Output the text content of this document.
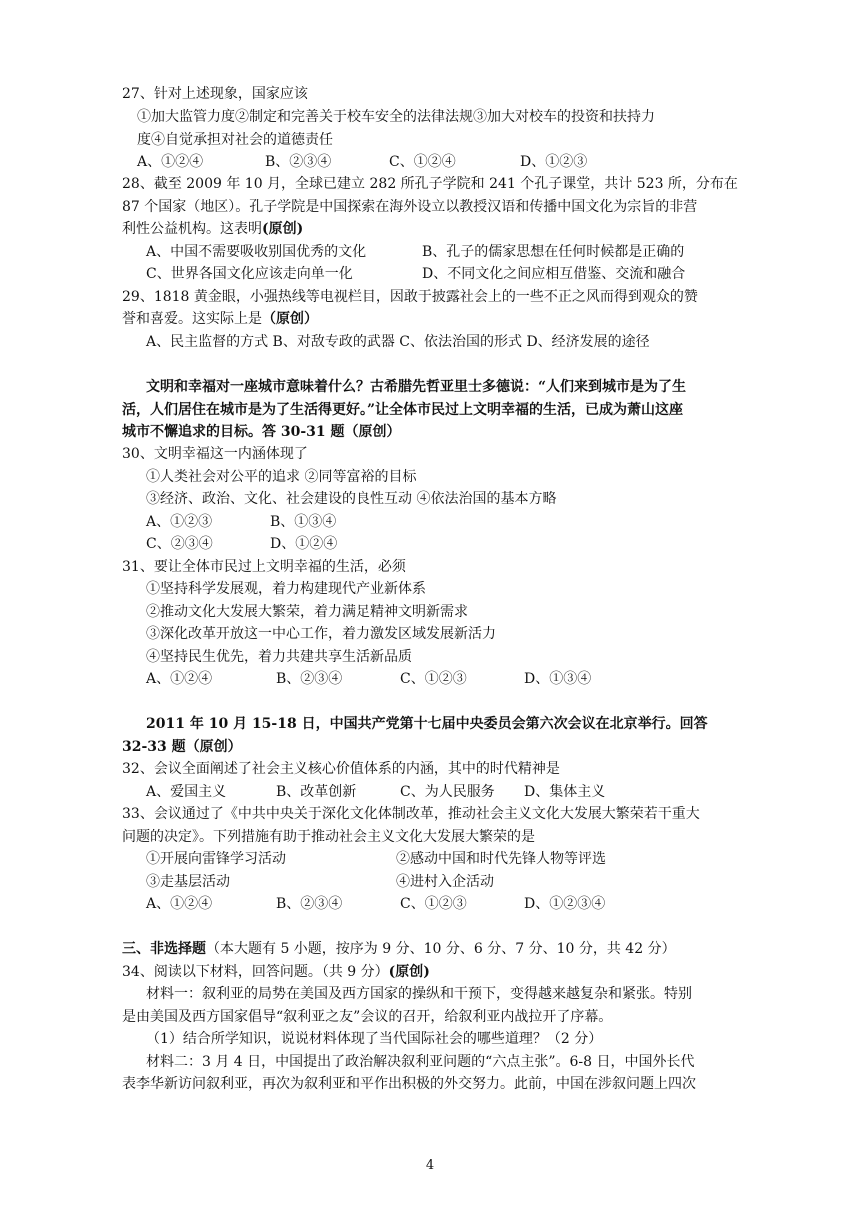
27、针对上述现象，国家应该
①加大监管力度②制定和完善关于校车安全的法律法规③加大对校车的投资和扶持力
度④自觉承担对社会的道德责任
A、①②④	B、②③④	C、①②④	D、①②③
28、截至 2009 年 10 月，全球已建立 282 所孔子学院和 241 个孔子课堂，共计 523 所，分布在
87 个国家（地区）。孔子学院是中国探索在海外设立以教授汉语和传播中国文化为宗旨的非营
利性公益机构。这表明(原创)
A、中国不需要吸收别国优秀的文化	B、孔子的儒家思想在任何时候都是正确的
C、世界各国文化应该走向单一化	D、不同文化之间应相互借鉴、交流和融合
29、1818 黄金眼，小强热线等电视栏目，因敢于披露社会上的一些不正之风而得到观众的赞
誉和喜爱。这实际上是（原创）
A、民主监督的方式 B、对敌专政的武器 C、依法治国的形式 D、经济发展的途径
文明和幸福对一座城市意味着什么？古希腊先哲亚里士多德说：“人们来到城市是为了生
活，人们居住在城市是为了生活得更好。”让全体市民过上文明幸福的生活，已成为萧山这座
城市不懈追求的目标。答 30-31 题（原创）
30、文明幸福这一内涵体现了
①人类社会对公平的追求 ②同等富裕的目标
③经济、政治、文化、社会建设的良性互动 ④依法治国的基本方略
A、①②③	B、①③④
C、②③④	D、①②④
31、要让全体市民过上文明幸福的生活，必须
①坚持科学发展观，着力构建现代产业新体系
②推动文化大发展大繁荣，着力满足精神文明新需求
③深化改革开放这一中心工作，着力激发区域发展新活力
④坚持民生优先，着力共建共享生活新品质
A、①②④	B、②③④	C、①②③	D、①③④
2011 年 10 月 15-18 日，中国共产党第十七届中央委员会第六次会议在北京举行。回答
32-33 题（原创）
32、会议全面阐述了社会主义核心价值体系的内涵，其中的时代精神是
A、爱国主义	B、改革创新	C、为人民服务 D、集体主义
33、会议通过了《中共中央关于深化文化体制改革，推动社会主义文化大发展大繁荣若干重大
问题的决定》。下列措施有助于推动社会主义文化大发展大繁荣的是
①开展向雷锋学习活动	②感动中国和时代先锋人物等评选
③走基层活动	④进村入企活动
A、①②④	B、②③④	C、①②③	D、①②③④
三、非选择题（本大题有 5 小题，按序为 9 分、10 分、6 分、7 分、10 分，共 42 分）
34、阅读以下材料，回答问题。（共 9 分）(原创)
材料一：叙利亚的局势在美国及西方国家的操纵和干预下，变得越来越复杂和紧张。特别
是由美国及西方国家倡导“叙利亚之友”会议的召开，给叙利亚内战拉开了序幕。
（1）结合所学知识，说说材料体现了当代国际社会的哪些道理？（2 分）
材料二：3 月 4 日，中国提出了政治解决叙利亚问题的“六点主张”。6-8 日，中国外长代
表李华新访问叙利亚，再次为叙利亚和平作出积极的外交努力。此前，中国在涉叙问题上四次
4
